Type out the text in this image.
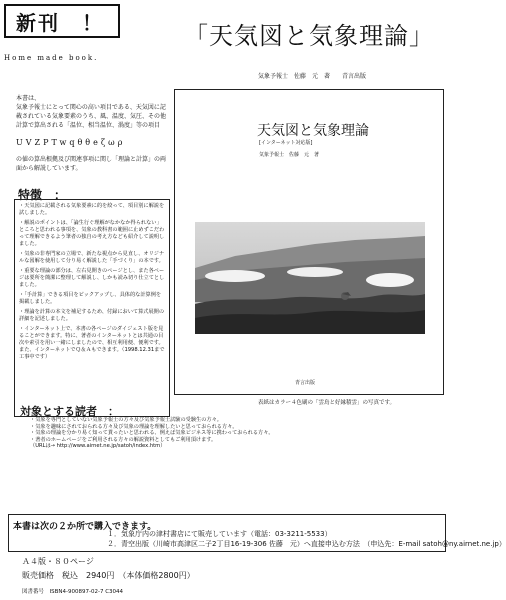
新刊　！	「天気図と気象理論」
Home made book.
気象予報士　佐藤　元　著　　青言出版
本書は、
気象予報士にとって関心の高い項目である、天気図に記載されている気象要素のうち、風、温度、気圧、その他計算で算出される「温位、相当温位、渦度」等の項目
UVZPTwqθθeζωρ
の値の算出根拠及び関連事項に関し「理論と計算」の両面から解説しています。
特徴　：
・天気図に記載される気象要素に的を絞って、項目別に解説を試しました。
・解説のポイントは、「論生行ぐ理解がなかなか得られない」ところと思われる事項を、気象の教科書の範囲に止めずこだわって理解できるよう筆者の独自の考え方なども紹介して説明しました。
・気象の非専門家の立場で、新たな視点から見直し、オリジナルな図解を使用して分り易く解説した「手づくり」の本です。
・重要な理論の部分は、左右見開きのページとし、また各ページは要所を簡潔に整理して解説し、しかも読み切り仕立てとしました。
・「手計算」できる項目をピックアップし、具体的な計算例を掲載しました。
・理論を計算の本文を補足するため、付録において算式展開の詳細を記述しました。
・インターネット上で、本書の各ページのダイジェスト版を見ることができます。特に、著者のインターネットとは共通の目次や索引を用い一緒にしましたので、相互利用便、便利です。また、インターネットでＱ＆Ａもできます。（1998.12.31まで工事中です）
天気図と気象理論
[インターネット対応版]
気象予報士　佐藤　元　著
青言出版
表紙はカラー４色刷の「雲鳥と好縁積雲」の写真です。
対象とする読者　：
・気象を専門としていない気象予報士の方々及び気象予報士試験の受験生の方々。
・気象を趣味にされておられる方々及び気象の理論を理解したいと思っておられる方々。
・気象の理論を分かり易く知って貰ったいと思われる、例えば気象ビジネス等に携わっておられる方々。
・著者のホームページをご利用される方々の解説資料としてもご利用頂けます。
（URLは→ http://www.airnet.ne.jp/satoh/index.htm）
本書は次の２か所で購入できます。
１．気象庁内の津村書店にて販売しています（電話：03-3211-5533）
２．青空出版（川崎市高津区二子2丁目16-19-306 佐藤　元）へ直接申込む方法　（申込先：E-mail satoh@ny.airnet.ne.jp）
Ａ４版・８０ページ
販売価格　税込　2940円　（本体価格2800円）
図書番号　ISBN4-900897-02-7 C3044
